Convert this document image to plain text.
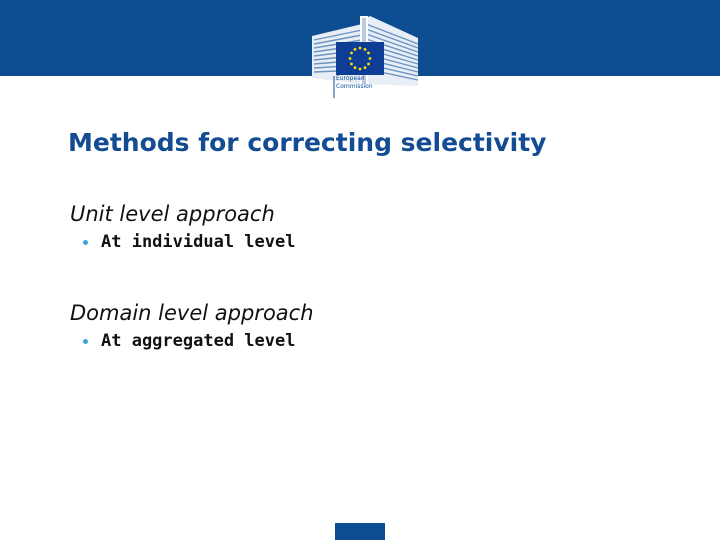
European
Commission
Methods for correcting selectivity
Unit level approach
At individual level
Domain level approach
At aggregated level
